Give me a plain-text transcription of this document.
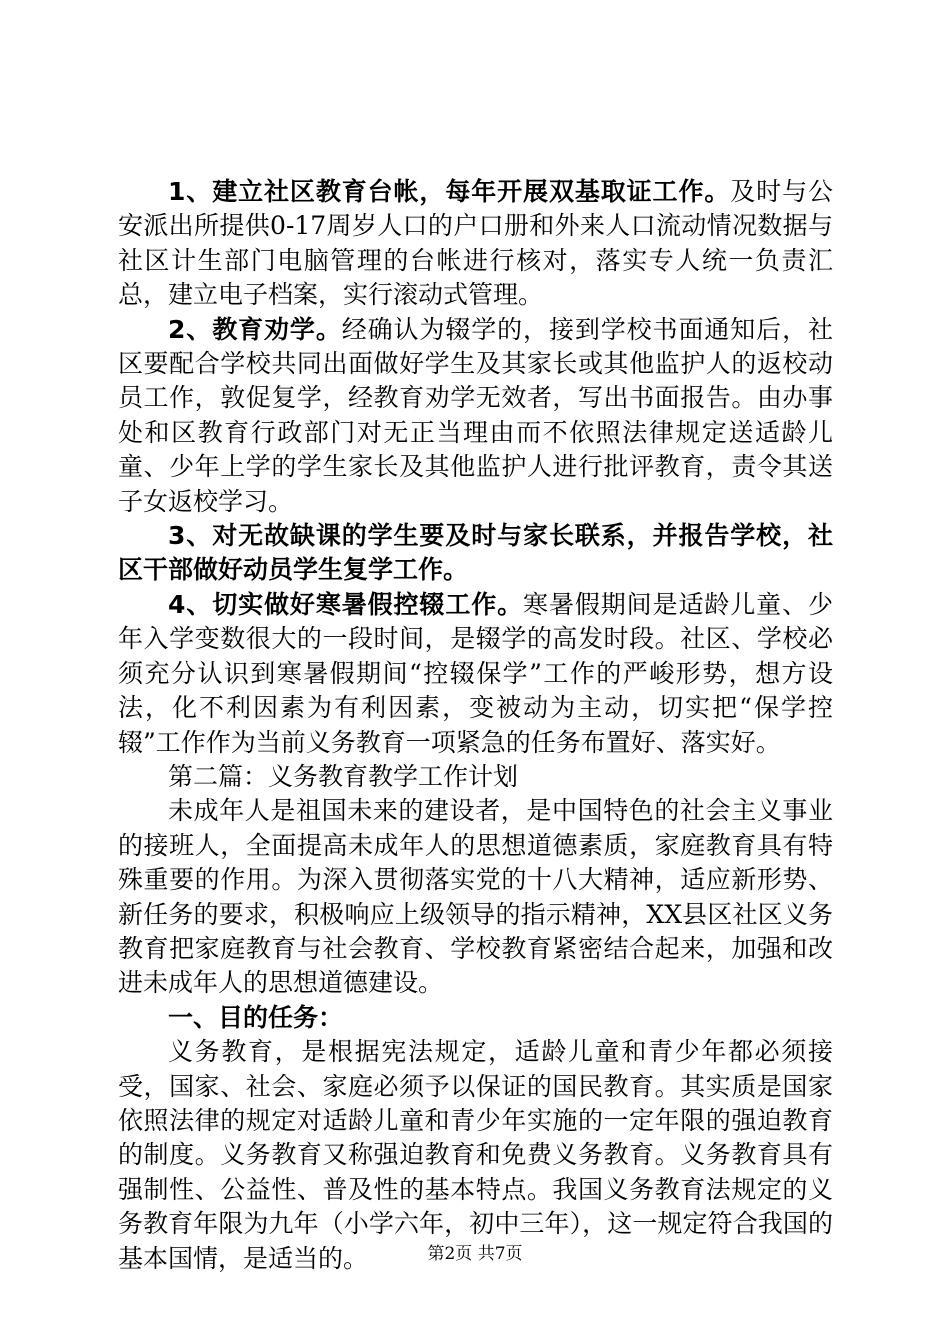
1、建立社区教育台帐，每年开展双基取证工作。及时与公安派出所提供0-17周岁人口的户口册和外来人口流动情况数据与社区计生部门电脑管理的台帐进行核对，落实专人统一负责汇总，建立电子档案，实行滚动式管理。

2、教育劝学。经确认为辍学的，接到学校书面通知后，社区要配合学校共同出面做好学生及其家长或其他监护人的返校动员工作，敦促复学，经教育劝学无效者，写出书面报告。由办事处和区教育行政部门对无正当理由而不依照法律规定送适龄儿童、少年上学的学生家长及其他监护人进行批评教育，责令其送子女返校学习。

3、对无故缺课的学生要及时与家长联系，并报告学校，社区干部做好动员学生复学工作。

4、切实做好寒暑假控辍工作。寒暑假期间是适龄儿童、少年入学变数很大的一段时间，是辍学的高发时段。社区、学校必须充分认识到寒暑假期间“控辍保学”工作的严峻形势，想方设法，化不利因素为有利因素，变被动为主动，切实把“保学控辍”工作作为当前义务教育一项紧急的任务布置好、落实好。

第二篇：义务教育教学工作计划

未成年人是祖国未来的建设者，是中国特色的社会主义事业的接班人，全面提高未成年人的思想道德素质，家庭教育具有特殊重要的作用。为深入贯彻落实党的十八大精神，适应新形势、新任务的要求，积极响应上级领导的指示精神，XX县区社区义务教育把家庭教育与社会教育、学校教育紧密结合起来，加强和改进未成年人的思想道德建设。

一、目的任务：

义务教育，是根据宪法规定，适龄儿童和青少年都必须接受，国家、社会、家庭必须予以保证的国民教育。其实质是国家依照法律的规定对适龄儿童和青少年实施的一定年限的强迫教育的制度。义务教育又称强迫教育和免费义务教育。义务教育具有强制性、公益性、普及性的基本特点。我国义务教育法规定的义务教育年限为九年（小学六年，初中三年），这一规定符合我国的基本国情，是适当的。	第2页 共7页
